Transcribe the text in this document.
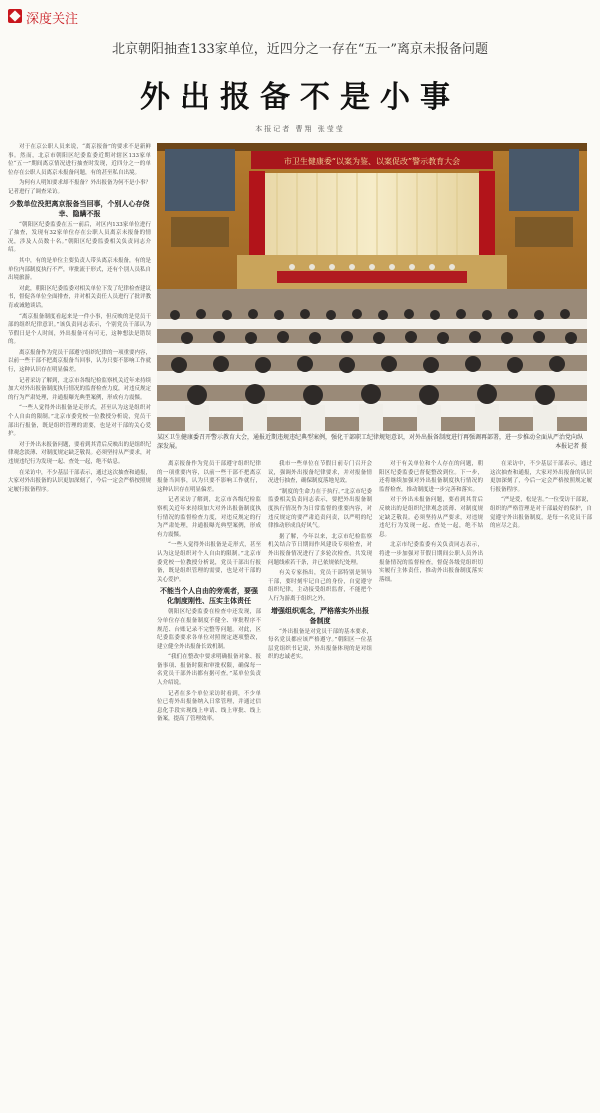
深度关注
北京朝阳抽查133家单位，近四分之一存在“五一”离京未报备问题
外出报备不是小事
本报记者 曹翔 张莹莹
市卫生健康委“以案为鉴、以案促改”警示教育大会
某区卫生健康委召开警示教育大会，通报近期违规违纪典型案例，强化干部职工纪律规矩意识，对外出报备制度进行再强调再部署，进一步推动全面从严治党向纵深发展。	本报记者 摄

对于在京公职人员来说，“离京报备”的要求不是新鲜事。然而，北京市朝阳区纪委监委近期对辖区133家单位“五一”期间离京情况进行抽查时发现，近四分之一的单位存在公职人员离京未报备问题，有的甚至私自出境。

为何有人明知要求却不报备？外出报备为何不是小事？记者进行了调查采访。

少数单位没把离京报备当回事，个别人心存侥幸、隐瞒不报

“朝阳区纪委监委在五一前后，对区内133家单位进行了抽查，发现有32家单位存在公职人员离京未报备的情况，涉及人员数十名。”朝阳区纪委监委相关负责同志介绍。

其中，有的是单位主要负责人带头离京未报备，有的是单位内部制度执行不严，审批流于形式，还有个别人员私自出境旅游。

对此，朝阳区纪委监委对相关单位下发了纪律检查建议书，督促各单位全面排查，并对相关责任人员进行了批评教育或诫勉谈话。

“离京报备制度看起来是一件小事，但反映的是党员干部的组织纪律意识。”该负责同志表示，个别党员干部认为节假日是个人时间，外出报备可有可无，这种想法是错误的。

离京报备作为党员干部遵守组织纪律的一项重要内容，以前一些干部不把离京报备当回事，认为只要不影响工作就行，这种认识存在明显偏差。

记者采访了解到，北京市各级纪检监察机关近年来持续加大对外出报备制度执行情况的监督检查力度，对违反规定的行为严肃处理，并通报曝光典型案例，形成有力震慑。

“一些人觉得外出报备是走形式，甚至认为这是组织对个人自由的限制。”北京市委党校一位教授分析说，党员干部出行报备，既是组织管理的需要，也是对干部的关心爱护。

对于外出未报备问题，要看到其背后反映出的是组织纪律观念淡薄、对制度规定缺乏敬畏。必须坚持从严要求，对违规违纪行为发现一起、查处一起，绝不姑息。

在采访中，不少基层干部表示，通过这次抽查和通报，大家对外出报备的认识更加深刻了，今后一定会严格按照规定履行报备程序。

离京报备作为党员干部遵守组织纪律的一项重要内容，以前一些干部不把离京报备当回事，认为只要不影响工作就行，这种认识存在明显偏差。

记者采访了解到，北京市各级纪检监察机关近年来持续加大对外出报备制度执行情况的监督检查力度，对违反规定的行为严肃处理，并通报曝光典型案例，形成有力震慑。

“一些人觉得外出报备是走形式，甚至认为这是组织对个人自由的限制。”北京市委党校一位教授分析说，党员干部出行报备，既是组织管理的需要，也是对干部的关心爱护。

不能当个人自由的旁观者，要强化制度刚性、压实主体责任

朝阳区纪委监委在检查中还发现，部分单位存在报备制度不健全、审批程序不规范、台账记录不完整等问题。对此，区纪委监委要求各单位对照规定逐项整改，建立健全外出报备长效机制。

“我们在整改中要求明确报备对象、报备事项、报备时限和审批权限，确保每一名党员干部外出都有据可查。”某单位负责人介绍说。

记者在多个单位采访时看到，不少单位已将外出报备纳入日常管理，并通过信息化手段实现线上申请、线上审批、线上备案，提高了管理效率。

我市一些单位在节假日前专门召开会议，强调外出报备纪律要求，并对报备情况进行抽查，确保制度落地见效。

“制度的生命力在于执行。”北京市纪委监委相关负责同志表示，要把外出报备制度执行情况作为日常监督的重要内容，对违反规定的要严肃追责问责，以严明的纪律推动形成良好风气。

据了解，今年以来，北京市纪检监察机关结合节日期间作风建设专项检查，对外出报备情况进行了多轮次检查，共发现问题线索若干条，并已依规依纪处理。

有关专家指出，党员干部特别是领导干部，要时刻牢记自己的身份，自觉遵守组织纪律，主动接受组织监督，不能把个人行为游离于组织之外。

增强组织观念，严格落实外出报备制度

“外出报备是对党员干部的基本要求，每名党员都应该严格遵守。”朝阳区一位基层党组织书记说，外出报备体现的是对组织的忠诚老实。

对于有关单位和个人存在的问题，朝阳区纪委监委已督促整改到位。下一步，还将继续加强对外出报备制度执行情况的监督检查，推动制度进一步完善和落实。

对于外出未报备问题，要看到其背后反映出的是组织纪律观念淡薄、对制度规定缺乏敬畏。必须坚持从严要求，对违规违纪行为发现一起、查处一起，绝不姑息。

北京市纪委监委有关负责同志表示，将进一步加强对节假日期间公职人员外出报备情况的监督检查，督促各级党组织切实履行主体责任，推动外出报备制度落实落细。

在采访中，不少基层干部表示，通过这次抽查和通报，大家对外出报备的认识更加深刻了，今后一定会严格按照规定履行报备程序。

“严是爱，松是害。”一位受访干部说，组织的严格管理是对干部最好的保护，自觉遵守外出报备制度，是每一名党员干部的应尽之责。
